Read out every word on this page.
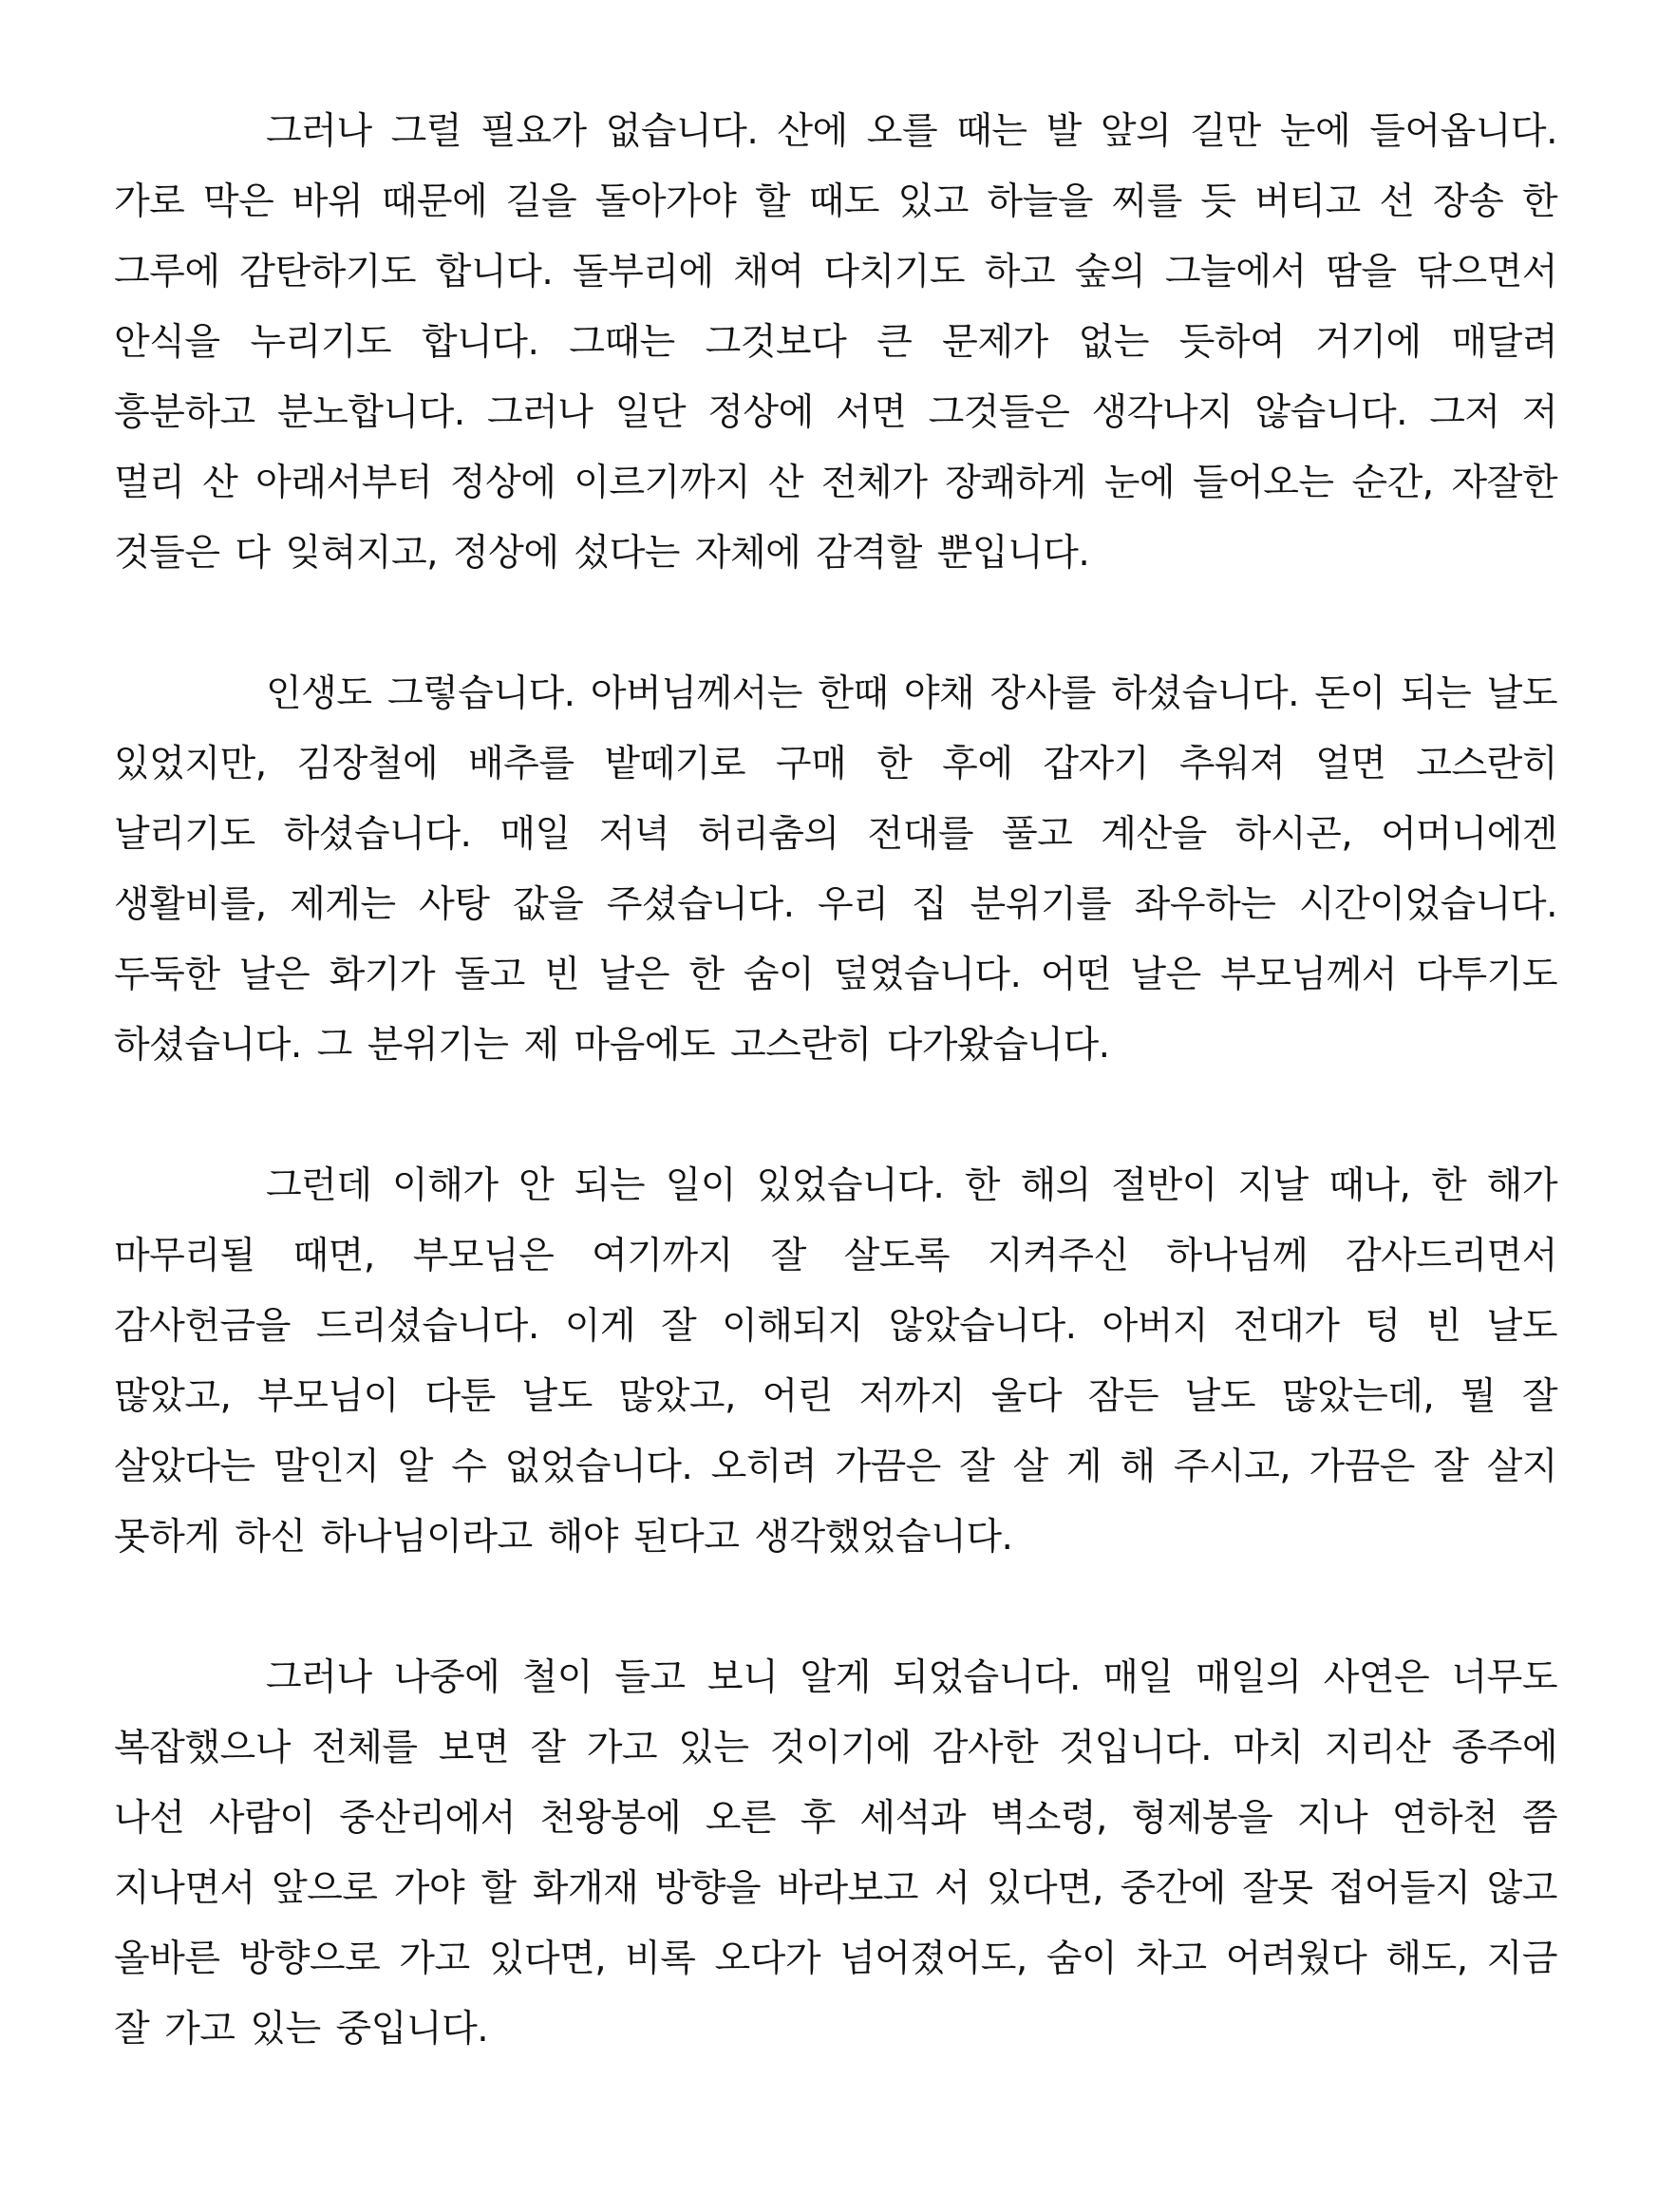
그러나 그럴 필요가 없습니다. 산에 오를 때는 발 앞의 길만 눈에 들어옵니다. 가로 막은 바위 때문에 길을 돌아가야 할 때도 있고 하늘을 찌를 듯 버티고 선 장송 한 그루에 감탄하기도 합니다. 돌부리에 채여 다치기도 하고 숲의 그늘에서 땀을 닦으면서 안식을 누리기도 합니다. 그때는 그것보다 큰 문제가 없는 듯하여 거기에 매달려 흥분하고 분노합니다. 그러나 일단 정상에 서면 그것들은 생각나지 않습니다. 그저 저 멀리 산 아래서부터 정상에 이르기까지 산 전체가 장쾌하게 눈에 들어오는 순간, 자잘한 것들은 다 잊혀지고, 정상에 섰다는 자체에 감격할 뿐입니다.

인생도 그렇습니다. 아버님께서는 한때 야채 장사를 하셨습니다. 돈이 되는 날도 있었지만, 김장철에 배추를 밭떼기로 구매 한 후에 갑자기 추워져 얼면 고스란히 날리기도 하셨습니다. 매일 저녁 허리춤의 전대를 풀고 계산을 하시곤, 어머니에겐 생활비를, 제게는 사탕 값을 주셨습니다. 우리 집 분위기를 좌우하는 시간이었습니다. 두둑한 날은 화기가 돌고 빈 날은 한 숨이 덮였습니다. 어떤 날은 부모님께서 다투기도 하셨습니다. 그 분위기는 제 마음에도 고스란히 다가왔습니다.

그런데 이해가 안 되는 일이 있었습니다. 한 해의 절반이 지날 때나, 한 해가 마무리될 때면, 부모님은 여기까지 잘 살도록 지켜주신 하나님께 감사드리면서 감사헌금을 드리셨습니다. 이게 잘 이해되지 않았습니다. 아버지 전대가 텅 빈 날도 많았고, 부모님이 다툰 날도 많았고, 어린 저까지 울다 잠든 날도 많았는데, 뭘 잘 살았다는 말인지 알 수 없었습니다. 오히려 가끔은 잘 살 게 해 주시고, 가끔은 잘 살지 못하게 하신 하나님이라고 해야 된다고 생각했었습니다.

그러나 나중에 철이 들고 보니 알게 되었습니다. 매일 매일의 사연은 너무도 복잡했으나 전체를 보면 잘 가고 있는 것이기에 감사한 것입니다. 마치 지리산 종주에 나선 사람이 중산리에서 천왕봉에 오른 후 세석과 벽소령, 형제봉을 지나 연하천 쯤 지나면서 앞으로 가야 할 화개재 방향을 바라보고 서 있다면, 중간에 잘못 접어들지 않고 올바른 방향으로 가고 있다면, 비록 오다가 넘어졌어도, 숨이 차고 어려웠다 해도, 지금 잘 가고 있는 중입니다.
